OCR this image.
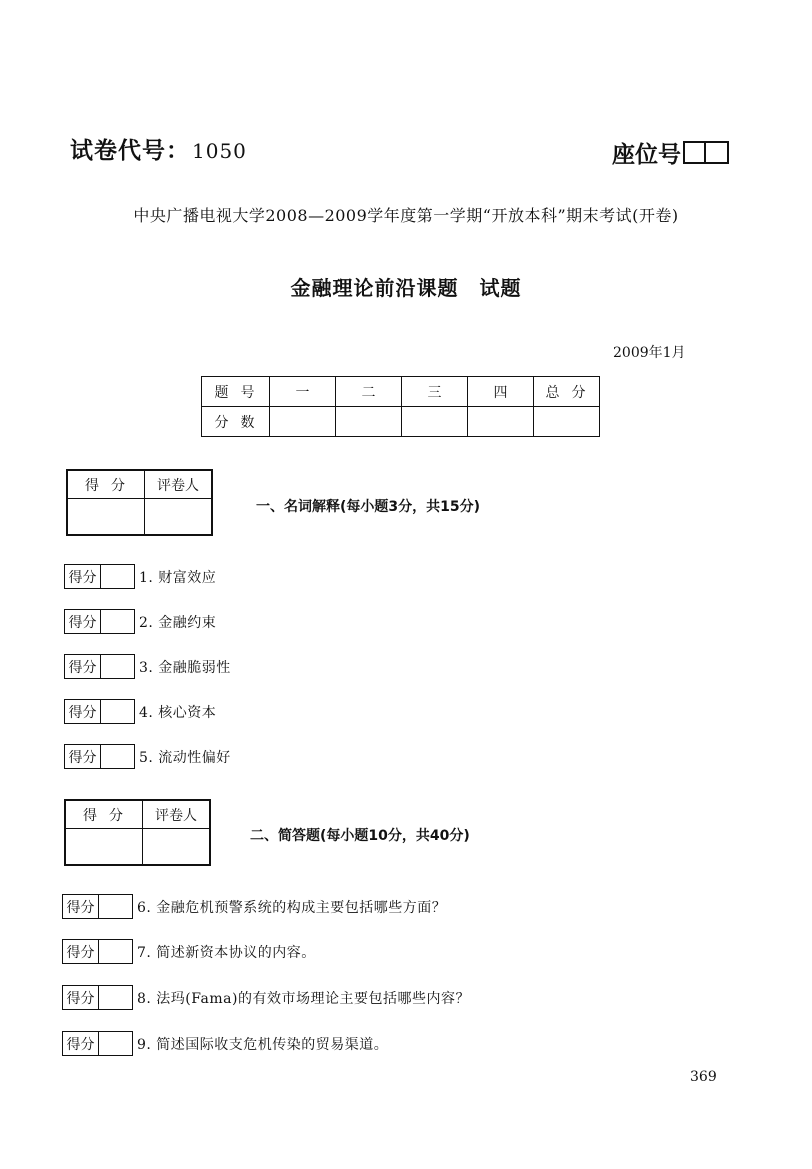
试卷代号： 1050	座位号
中央广播电视大学2008—2009学年度第一学期“开放本科”期末考试(开卷)
金融理论前沿课题　试题
2009年1月
题号	一	二	三	四	总分
分数					
得分	评卷人

一、名词解释(每小题3分，共15分)
得分	1. 财富效应
得分	2. 金融约束
得分	3. 金融脆弱性
得分	4. 核心资本
得分	5. 流动性偏好
得分	评卷人

二、简答题(每小题10分，共40分)
得分	6. 金融危机预警系统的构成主要包括哪些方面？
得分	7. 简述新资本协议的内容。
得分	8. 法玛(Fama)的有效市场理论主要包括哪些内容？
得分	9. 简述国际收支危机传染的贸易渠道。
369
